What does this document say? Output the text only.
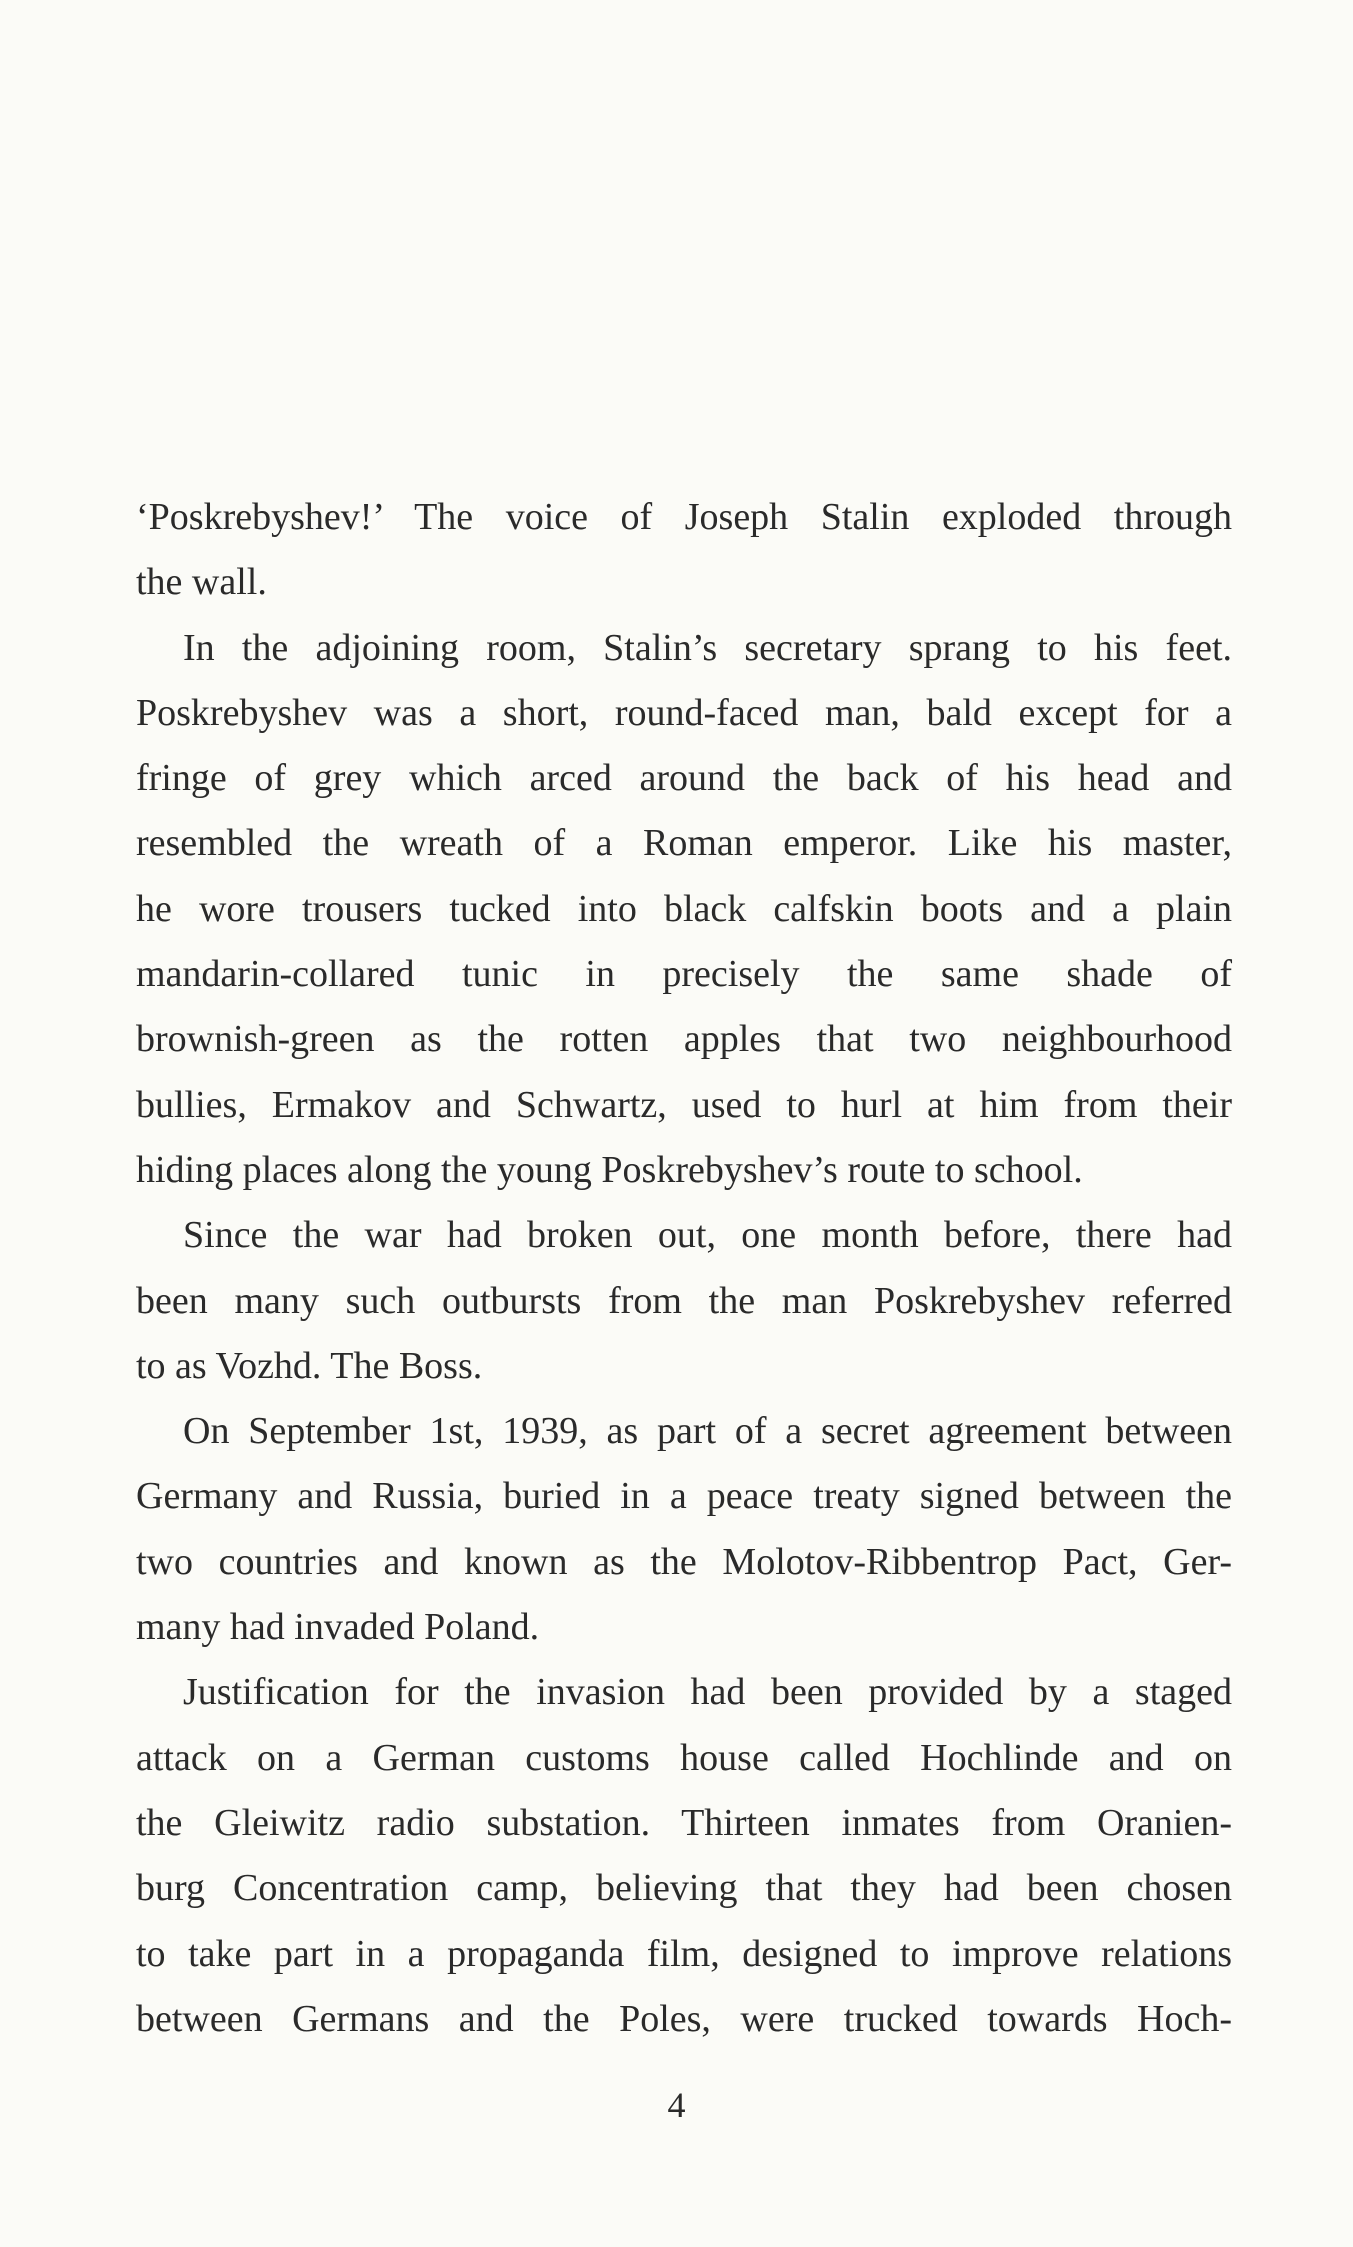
‘Poskrebyshev!’ The voice of Joseph Stalin exploded through
the wall.
In the adjoining room, Stalin’s secretary sprang to his feet.
Poskrebyshev was a short, round-faced man, bald except for a
fringe of grey which arced around the back of his head and
resembled the wreath of a Roman emperor. Like his master,
he wore trousers tucked into black calfskin boots and a plain
mandarin-collared tunic in precisely the same shade of
brownish-green as the rotten apples that two neighbourhood
bullies, Ermakov and Schwartz, used to hurl at him from their
hiding places along the young Poskrebyshev’s route to school.
Since the war had broken out, one month before, there had
been many such outbursts from the man Poskrebyshev referred
to as Vozhd. The Boss.
On September 1st, 1939, as part of a secret agreement between
Germany and Russia, buried in a peace treaty signed between the
two countries and known as the Molotov-Ribbentrop Pact, Ger-
many had invaded Poland.
Justification for the invasion had been provided by a staged
attack on a German customs house called Hochlinde and on
the Gleiwitz radio substation. Thirteen inmates from Oranien-
burg Concentration camp, believing that they had been chosen
to take part in a propaganda film, designed to improve relations
between Germans and the Poles, were trucked towards Hoch-
4
